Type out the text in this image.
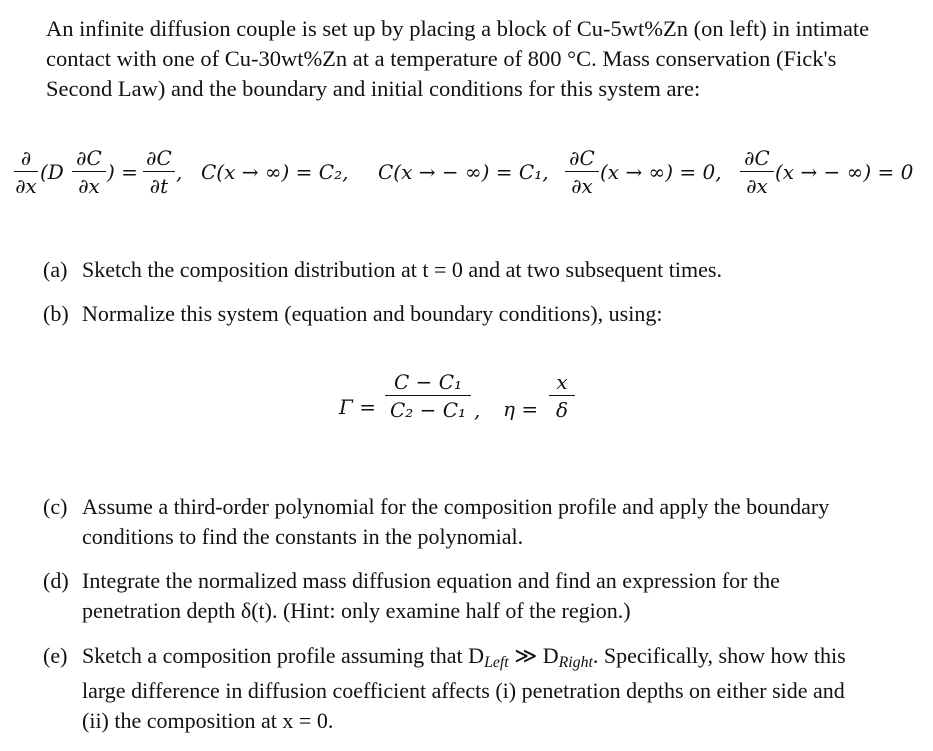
An infinite diffusion couple is set up by placing a block of Cu-5wt%Zn (on left) in intimate
contact with one of Cu-30wt%Zn at a temperature of 800 °C. Mass conservation (Fick's
Second Law) and the boundary and initial conditions for this system are:
∂
∂x
(D
∂C
∂x
) =
∂C
∂t
, C(x → ∞) = C₂, C(x → − ∞) = C₁,
∂C
∂x
(x → ∞) = 0,
∂C
∂x
(x → − ∞) = 0
(a) Sketch the composition distribution at t = 0 and at two subsequent times.
(b) Normalize this system (equation and boundary conditions), using:
Γ =
C − C₁
C₂ − C₁ , η =
x
δ
(c) Assume a third-order polynomial for the composition profile and apply the boundary
conditions to find the constants in the polynomial.
(d) Integrate the normalized mass diffusion equation and find an expression for the
penetration depth δ(t). (Hint: only examine half of the region.)
(e) Sketch a composition profile assuming that $D_{Left}$ ≫ $D_{Right}$. Specifically, show how this
large difference in diffusion coefficient affects (i) penetration depths on either side and
(ii) the composition at x = 0.
